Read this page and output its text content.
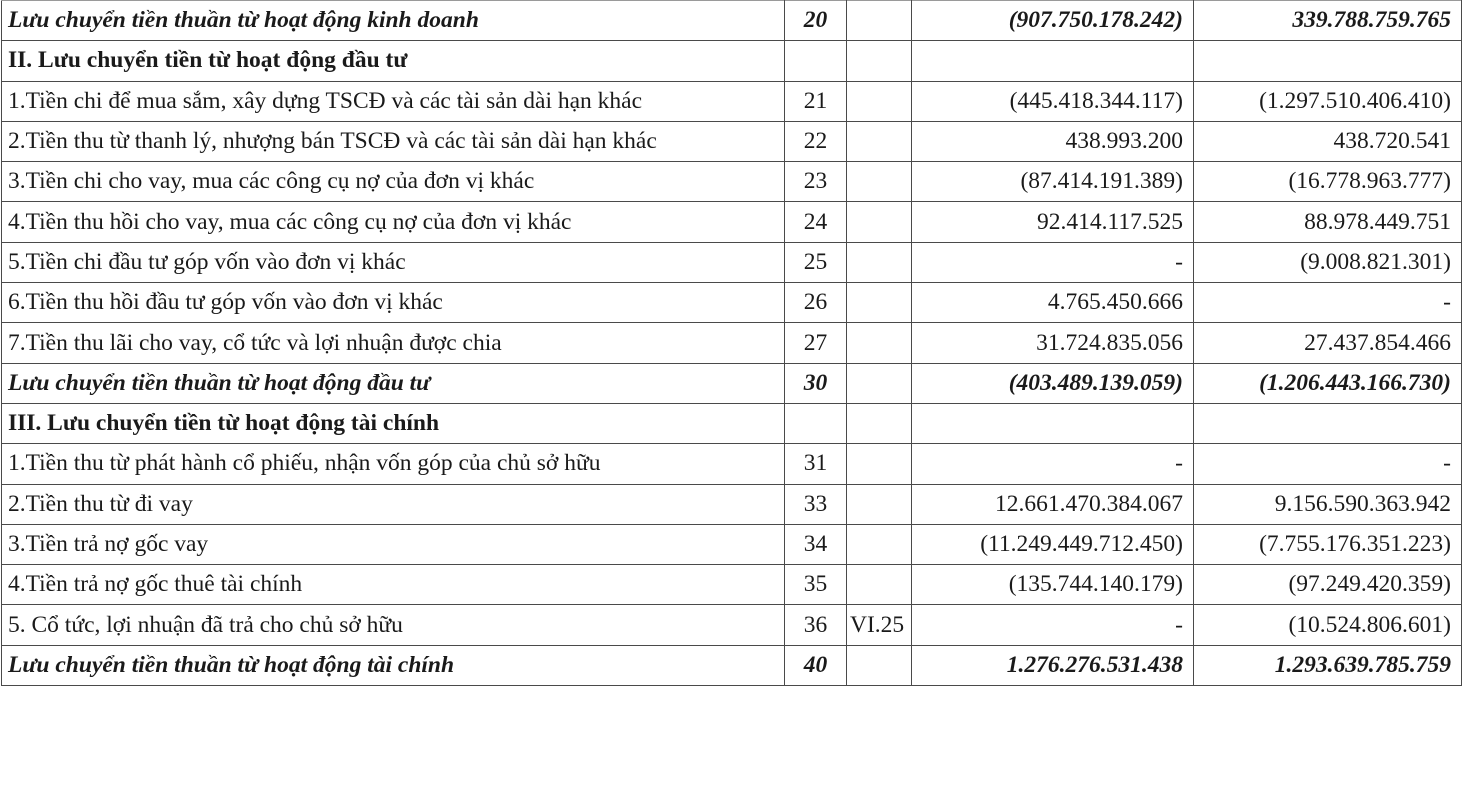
Lưu chuyển tiền thuần từ hoạt động kinh doanh	20		(907.750.178.242)	339.788.759.765
II. Lưu chuyển tiền từ hoạt động đầu tư				
1.Tiền chi để mua sắm, xây dựng TSCĐ và các tài sản dài hạn khác	21		(445.418.344.117)	(1.297.510.406.410)
2.Tiền thu từ thanh lý, nhượng bán TSCĐ và các tài sản dài hạn khác	22		438.993.200	438.720.541
3.Tiền chi cho vay, mua các công cụ nợ của đơn vị khác	23		(87.414.191.389)	(16.778.963.777)
4.Tiền thu hồi cho vay, mua các công cụ nợ của đơn vị khác	24		92.414.117.525	88.978.449.751
5.Tiền chi đầu tư góp vốn vào đơn vị khác	25		-	(9.008.821.301)
6.Tiền thu hồi đầu tư góp vốn vào đơn vị khác	26		4.765.450.666	-
7.Tiền thu lãi cho vay, cổ tức và lợi nhuận được chia	27		31.724.835.056	27.437.854.466
Lưu chuyển tiền thuần từ hoạt động đầu tư	30		(403.489.139.059)	(1.206.443.166.730)
III. Lưu chuyển tiền từ hoạt động tài chính				
1.Tiền thu từ phát hành cổ phiếu, nhận vốn góp của chủ sở hữu	31		-	-
2.Tiền thu từ đi vay	33		12.661.470.384.067	9.156.590.363.942
3.Tiền trả nợ gốc vay	34		(11.249.449.712.450)	(7.755.176.351.223)
4.Tiền trả nợ gốc thuê tài chính	35		(135.744.140.179)	(97.249.420.359)
5. Cổ tức, lợi nhuận đã trả cho chủ sở hữu	36	VI.25	-	(10.524.806.601)
Lưu chuyển tiền thuần từ hoạt động tài chính	40		1.276.276.531.438	1.293.639.785.759
